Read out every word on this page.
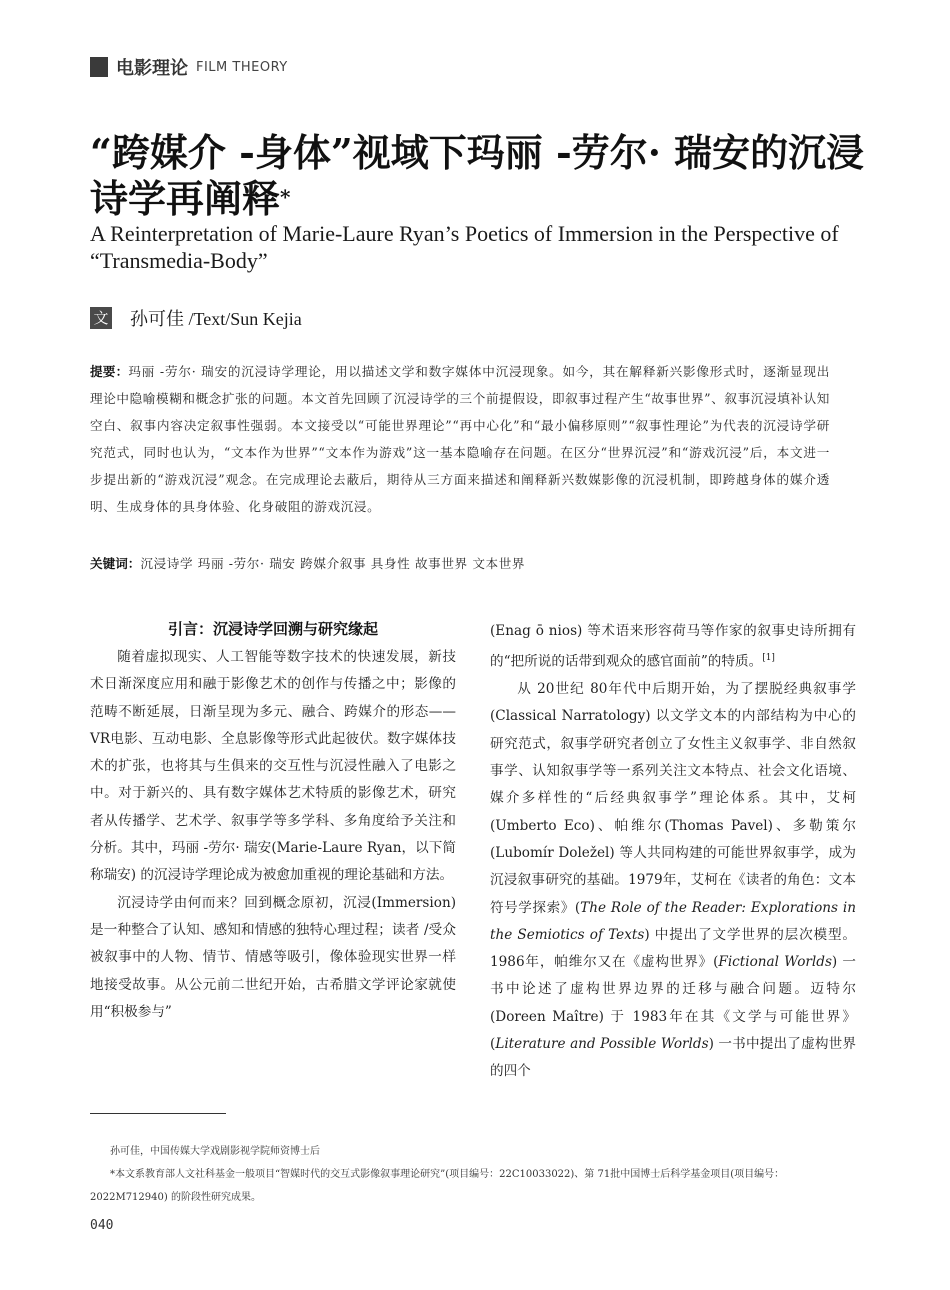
电影理论 FILM THEORY
“跨媒介 -身体”视域下玛丽 -劳尔· 瑞安的沉浸诗学再阐释*

A Reinterpretation of Marie-Laure Ryan’s Poetics of Immersion in the Perspective of “Transmedia-Body”

文 孙可佳 /Text/Sun Kejia

提要：玛丽 -劳尔· 瑞安的沉浸诗学理论，用以描述文学和数字媒体中沉浸现象。如今，其在解释新兴影像形式时，逐渐显现出理论中隐喻模糊和概念扩张的问题。本文首先回顾了沉浸诗学的三个前提假设，即叙事过程产生“故事世界”、叙事沉浸填补认知空白、叙事内容决定叙事性强弱。本文接受以“可能世界理论”“再中心化”和“最小偏移原则”“叙事性理论”为代表的沉浸诗学研究范式，同时也认为，“文本作为世界”“文本作为游戏”这一基本隐喻存在问题。在区分“世界沉浸”和“游戏沉浸”后，本文进一步提出新的“游戏沉浸”观念。在完成理论去蔽后，期待从三方面来描述和阐释新兴数媒影像的沉浸机制，即跨越身体的媒介透明、生成身体的具身体验、化身破阻的游戏沉浸。

关键词：沉浸诗学 玛丽 -劳尔· 瑞安 跨媒介叙事 具身性 故事世界 文本世界

引言：沉浸诗学回溯与研究缘起

随着虚拟现实、人工智能等数字技术的快速发展，新技术日渐深度应用和融于影像艺术的创作与传播之中；影像的范畴不断延展，日渐呈现为多元、融合、跨媒介的形态——VR电影、互动电影、全息影像等形式此起彼伏。数字媒体技术的扩张，也将其与生俱来的交互性与沉浸性融入了电影之中。对于新兴的、具有数字媒体艺术特质的影像艺术，研究者从传播学、艺术学、叙事学等多学科、多角度给予关注和分析。其中，玛丽 -劳尔· 瑞安(Marie-Laure Ryan，以下简称瑞安) 的沉浸诗学理论成为被愈加重视的理论基础和方法。

沉浸诗学由何而来？回到概念原初，沉浸(Immersion) 是一种整合了认知、感知和情感的独特心理过程；读者 /受众被叙事中的人物、情节、情感等吸引，像体验现实世界一样地接受故事。从公元前二世纪开始，古希腊文学评论家就使用“积极参与”

(Enag ō nios) 等术语来形容荷马等作家的叙事史诗所拥有的“把所说的话带到观众的感官面前”的特质。[1]

从 20世纪 80年代中后期开始，为了摆脱经典叙事学(Classical Narratology) 以文学文本的内部结构为中心的研究范式，叙事学研究者创立了女性主义叙事学、非自然叙事学、认知叙事学等一系列关注文本特点、社会文化语境、媒介多样性的“后经典叙事学”理论体系。其中，艾柯(Umberto Eco)、帕维尔(Thomas Pavel)、多勒策尔(Lubomír Doležel) 等人共同构建的可能世界叙事学，成为沉浸叙事研究的基础。1979年，艾柯在《读者的角色：文本符号学探索》(The Role of the Reader: Explorations in the Semiotics of Texts) 中提出了文学世界的层次模型。1986年，帕维尔又在《虚构世界》(Fictional Worlds) 一书中论述了虚构世界边界的迁移与融合问题。迈特尔(Doreen Maître) 于 1983年在其《文学与可能世界》(Literature and Possible Worlds) 一书中提出了虚构世界的四个

孙可佳，中国传媒大学戏剧影视学院师资博士后

*本文系教育部人文社科基金一般项目“智媒时代的交互式影像叙事理论研究”(项目编号：22C10033022)、第 71批中国博士后科学基金项目(项目编号：2022M712940) 的阶段性研究成果。

040
